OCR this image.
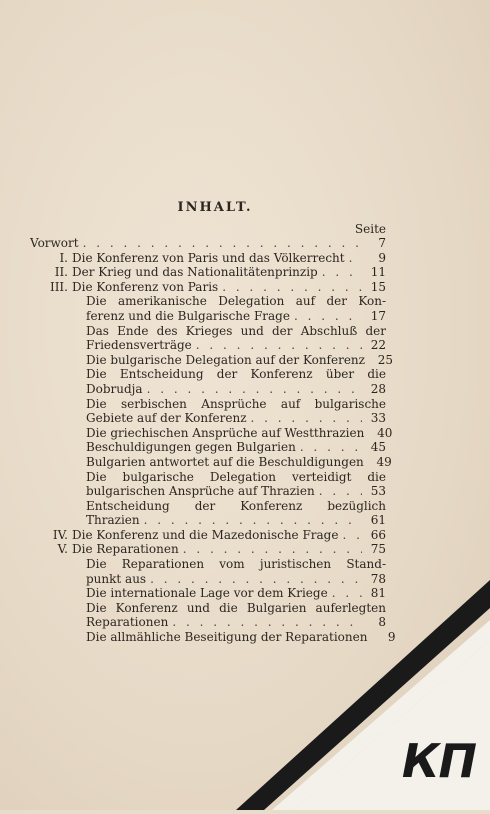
INHALT.
Seite
Vorwort . . .	7
I. Die Konferenz von Paris und das Völkerrecht . . .	9
II. Der Krieg und das Nationalitätenprinzip . . .	11
III. Die Konferenz von Paris . . .	15
Die amerikanische Delegation auf der Kon-
ferenz und die Bulgarische Frage . . .	17
Das Ende des Krieges und der Abschluß der
Friedensverträge . . .	22
Die bulgarische Delegation auf der Konferenz	25
Die Entscheidung der Konferenz über die
Dobrudja . . .	28
Die serbischen Ansprüche auf bulgarische
Gebiete auf der Konferenz . . .	33
Die griechischen Ansprüche auf Westthrazien	40
Beschuldigungen gegen Bulgarien . . .	45
Bulgarien antwortet auf die Beschuldigungen	49
Die bulgarische Delegation verteidigt die
bulgarischen Ansprüche auf Thrazien . . .	53
Entscheidung der Konferenz bezüglich
Thrazien . . .	61
IV. Die Konferenz und die Mazedonische Frage . . .	66
V. Die Reparationen . . .	75
Die Reparationen vom juristischen Stand-
punkt aus . . .	78
Die internationale Lage vor dem Kriege . . .	81
Die Konferenz und die Bulgarien auferlegten
Reparationen . . .	8
Die allmähliche Beseitigung der Reparationen	9
КП
